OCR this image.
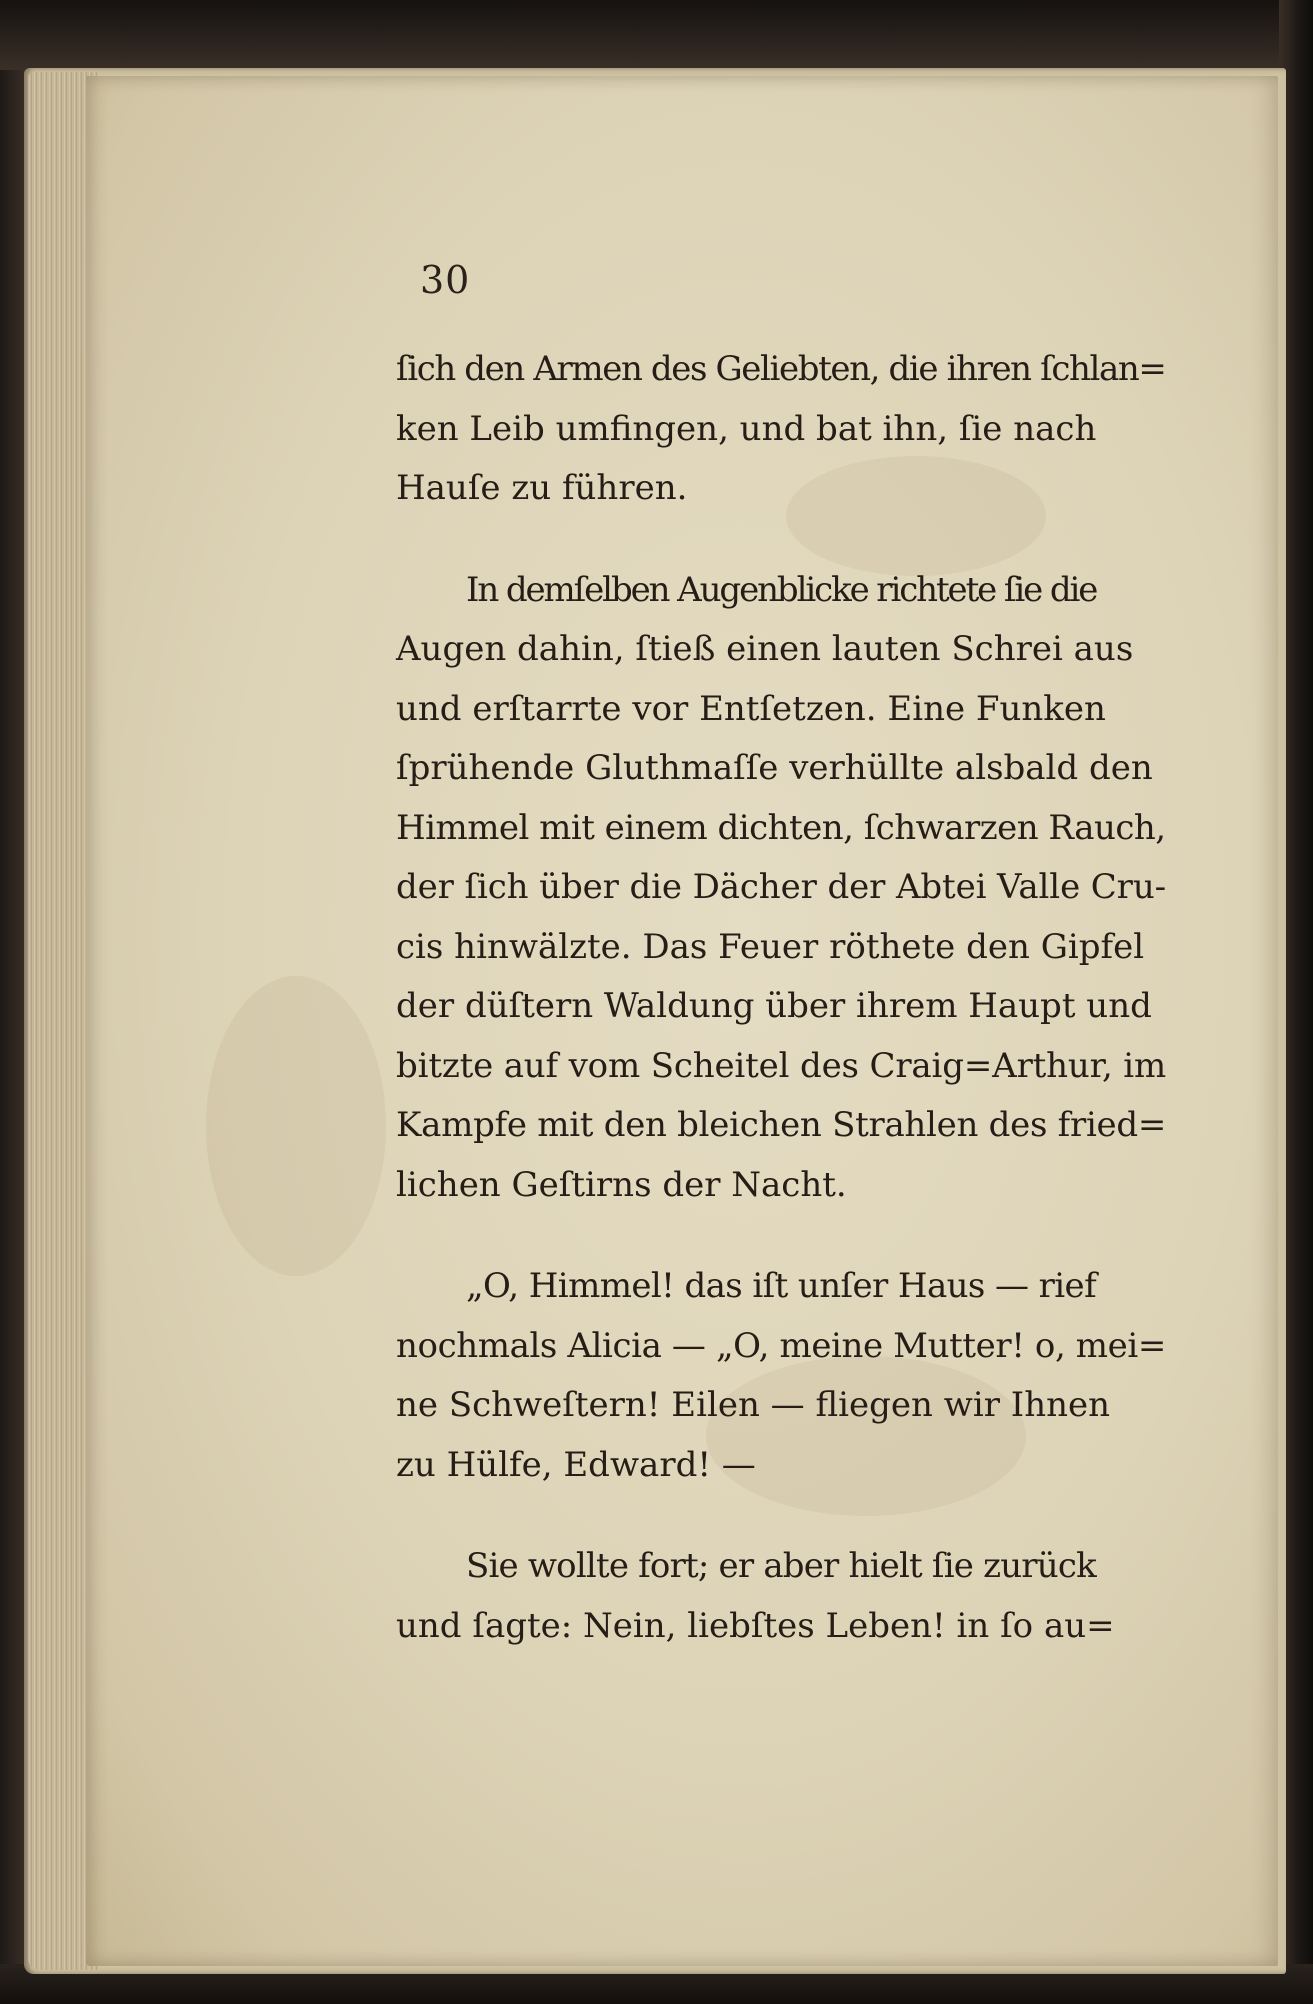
30

ſich den Armen des Geliebten, die ihren ſchlan=
ken Leib umfingen, und bat ihn, ſie nach
Hauſe zu führen.

In demſelben Augenblicke richtete ſie die
Augen dahin, ſtieß einen lauten Schrei aus
und erſtarrte vor Entſetzen. Eine Funken
ſprühende Gluthmaſſe verhüllte alsbald den
Himmel mit einem dichten, ſchwarzen Rauch,
der ſich über die Dächer der Abtei Valle Cru-
cis hinwälzte. Das Feuer röthete den Gipfel
der düſtern Waldung über ihrem Haupt und
bitzte auf vom Scheitel des Craig=Arthur, im
Kampfe mit den bleichen Strahlen des fried=
lichen Geſtirns der Nacht.

„O, Himmel! das iſt unſer Haus — rief
nochmals Alicia — „O, meine Mutter! o, mei=
ne Schweſtern! Eilen — fliegen wir Ihnen
zu Hülfe, Edward! —

Sie wollte fort; er aber hielt ſie zurück
und ſagte: Nein, liebſtes Leben! in ſo au=
